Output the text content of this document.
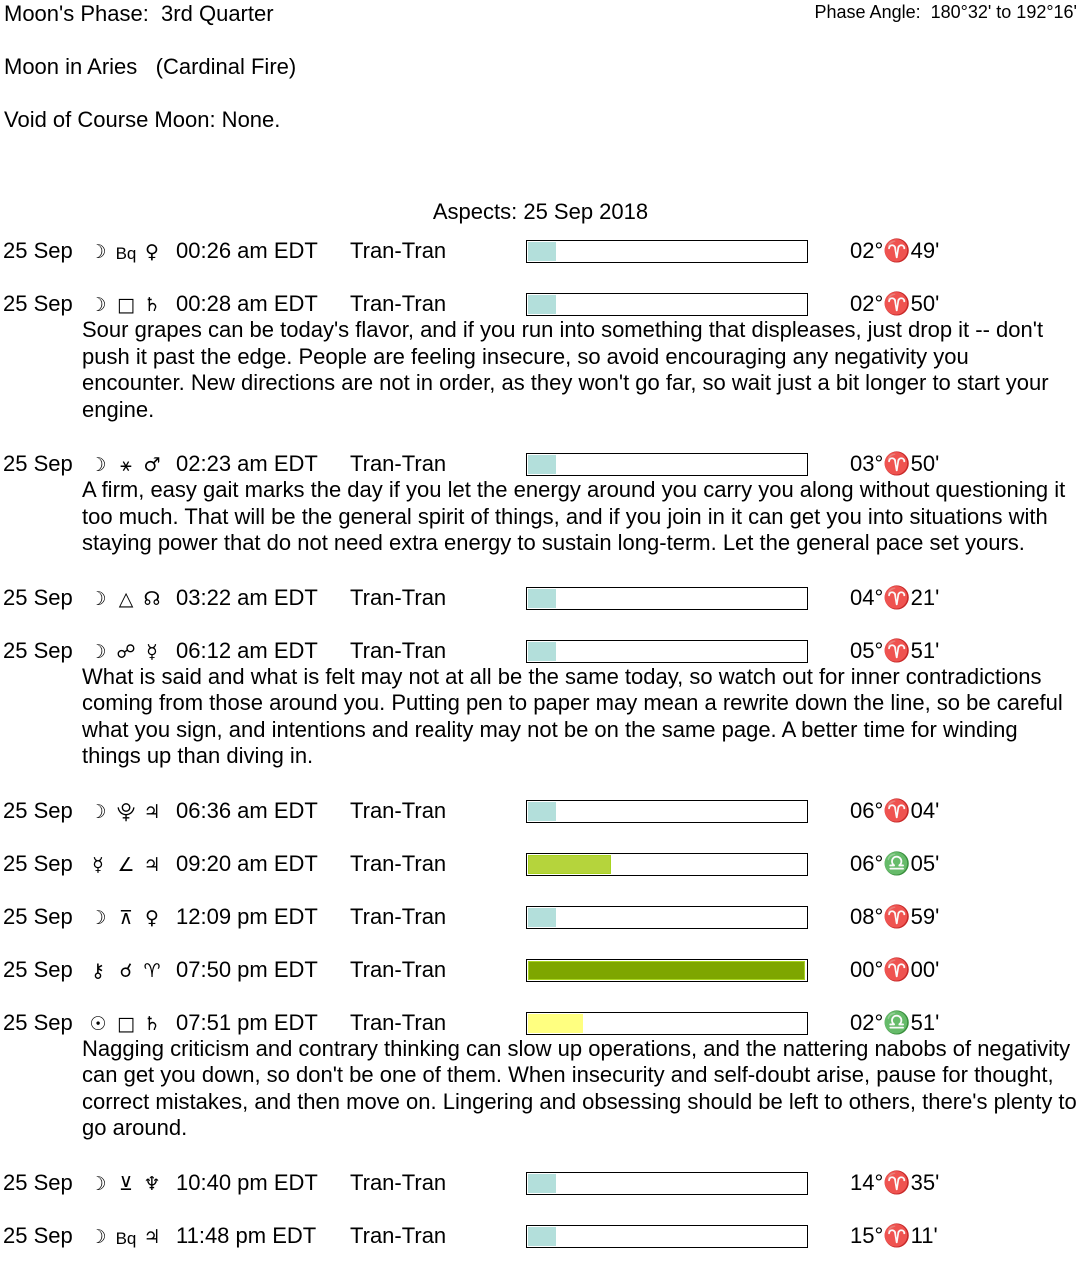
Moon's Phase:  3rd Quarter	Phase Angle:  180°32' to 192°16'
Moon in Aries   (Cardinal Fire)
Void of Course Moon: None.
Aspects: 25 Sep 2018
25 Sep ☽ Bq ♀ 00:26 am EDT Tran-Tran	02°♈49'
25 Sep ☽ □ ♄ 00:28 am EDT Tran-Tran	02°♈50'
Sour grapes can be today's flavor, and if you run into something that displeases, just drop it -- don't push it past the edge. People are feeling insecure, so avoid encouraging any negativity you encounter. New directions are not in order, as they won't go far, so wait just a bit longer to start your engine.
25 Sep ☽ ⚹ ♂ 02:23 am EDT Tran-Tran	03°♈50'
A firm, easy gait marks the day if you let the energy around you carry you along without questioning it too much. That will be the general spirit of things, and if you join in it can get you into situations with staying power that do not need extra energy to sustain long-term. Let the general pace set yours.
25 Sep ☽ △ ☊ 03:22 am EDT Tran-Tran	04°♈21'
25 Sep ☽ ☍ ☿ 06:12 am EDT Tran-Tran	05°♈51'
What is said and what is felt may not at all be the same today, so watch out for inner contradictions coming from those around you. Putting pen to paper may mean a rewrite down the line, so be careful what you sign, and intentions and reality may not be on the same page. A better time for winding things up than diving in.
25 Sep ☽ ⯓ ♃ 06:36 am EDT Tran-Tran	06°♈04'
25 Sep ☿ ∠ ♃ 09:20 am EDT Tran-Tran	06°♎05'
25 Sep ☽ ⊼ ♀ 12:09 pm EDT Tran-Tran	08°♈59'
25 Sep ⚷ ☌ ♈ 07:50 pm EDT Tran-Tran	00°♈00'
25 Sep ☉ □ ♄ 07:51 pm EDT Tran-Tran	02°♎51'
Nagging criticism and contrary thinking can slow up operations, and the nattering nabobs of negativity can get you down, so don't be one of them. When insecurity and self-doubt arise, pause for thought, correct mistakes, and then move on. Lingering and obsessing should be left to others, there's plenty to go around.
25 Sep ☽ ⊻ ♆ 10:40 pm EDT Tran-Tran	14°♈35'
25 Sep ☽ Bq ♃ 11:48 pm EDT Tran-Tran	15°♈11'
